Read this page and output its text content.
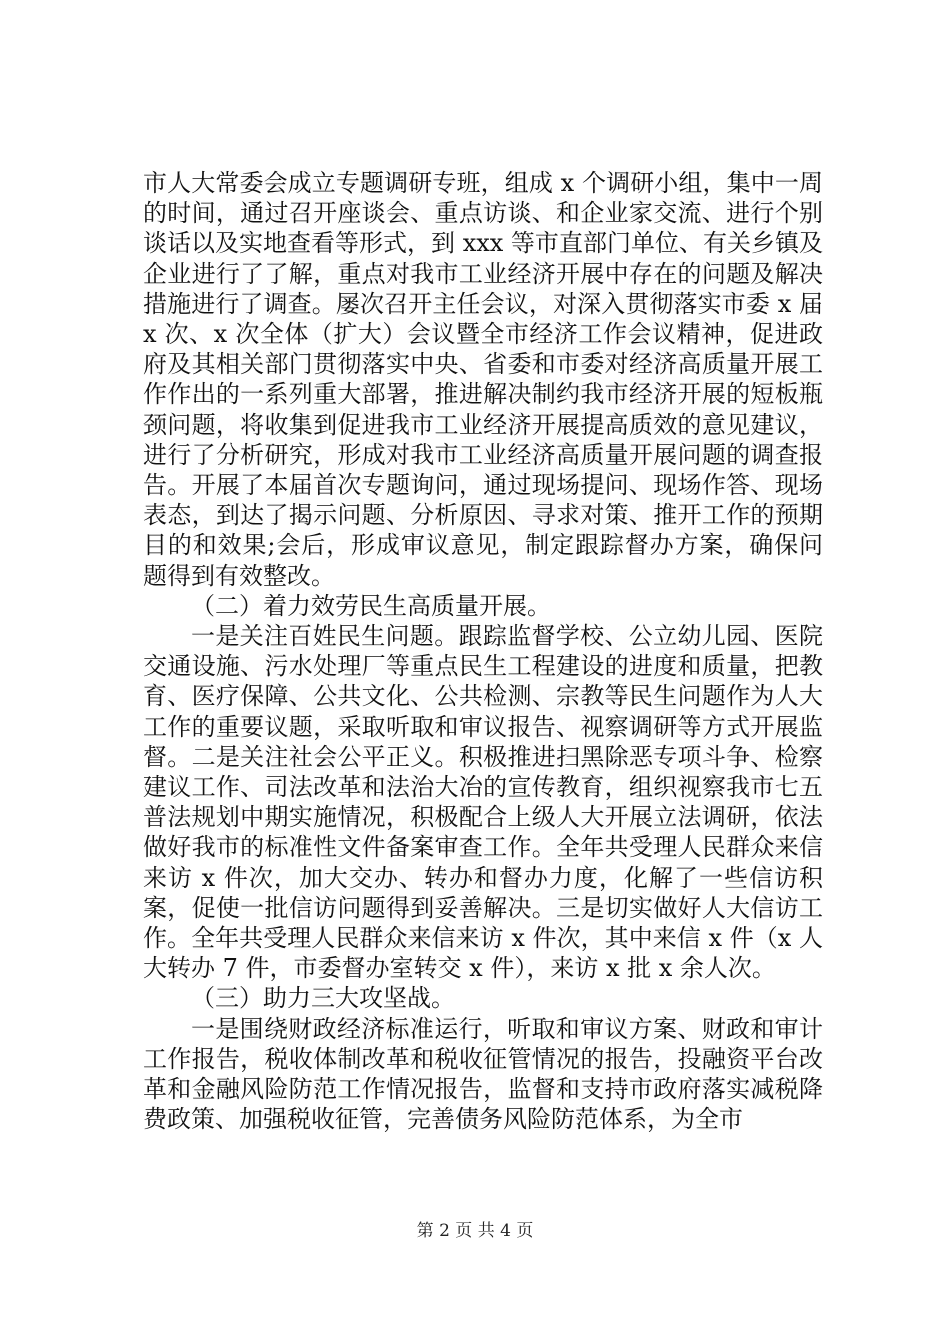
市人大常委会成立专题调研专班，组成 x 个调研小组，集中一周的时间，通过召开座谈会、重点访谈、和企业家交流、进行个别谈话以及实地查看等形式，到 xxx 等市直部门单位、有关乡镇及企业进行了了解，重点对我市工业经济开展中存在的问题及解决措施进行了调查。屡次召开主任会议，对深入贯彻落实市委 x 届 x 次、x 次全体（扩大）会议暨全市经济工作会议精神，促进政府及其相关部门贯彻落实中央、省委和市委对经济高质量开展工作作出的一系列重大部署，推进解决制约我市经济开展的短板瓶颈问题，将收集到促进我市工业经济开展提高质效的意见建议，进行了分析研究，形成对我市工业经济高质量开展问题的调查报告。开展了本届首次专题询问，通过现场提问、现场作答、现场表态，到达了揭示问题、分析原因、寻求对策、推开工作的预期目的和效果;会后，形成审议意见，制定跟踪督办方案，确保问题得到有效整改。

（二）着力效劳民生高质量开展。

一是关注百姓民生问题。跟踪监督学校、公立幼儿园、医院交通设施、污水处理厂等重点民生工程建设的进度和质量，把教育、医疗保障、公共文化、公共检测、宗教等民生问题作为人大工作的重要议题，采取听取和审议报告、视察调研等方式开展监督。二是关注社会公平正义。积极推进扫黑除恶专项斗争、检察建议工作、司法改革和法治大冶的宣传教育，组织视察我市七五普法规划中期实施情况，积极配合上级人大开展立法调研，依法做好我市的标准性文件备案审查工作。全年共受理人民群众来信来访 x 件次，加大交办、转办和督办力度，化解了一些信访积案，促使一批信访问题得到妥善解决。三是切实做好人大信访工作。全年共受理人民群众来信来访 x 件次，其中来信 x 件（x 人大转办 7 件，市委督办室转交 x 件），来访 x 批 x 余人次。

（三）助力三大攻坚战。

一是围绕财政经济标准运行，听取和审议方案、财政和审计工作报告，税收体制改革和税收征管情况的报告，投融资平台改革和金融风险防范工作情况报告，监督和支持市政府落实减税降费政策、加强税收征管，完善债务风险防范体系，为全市

第 2 页 共 4 页
